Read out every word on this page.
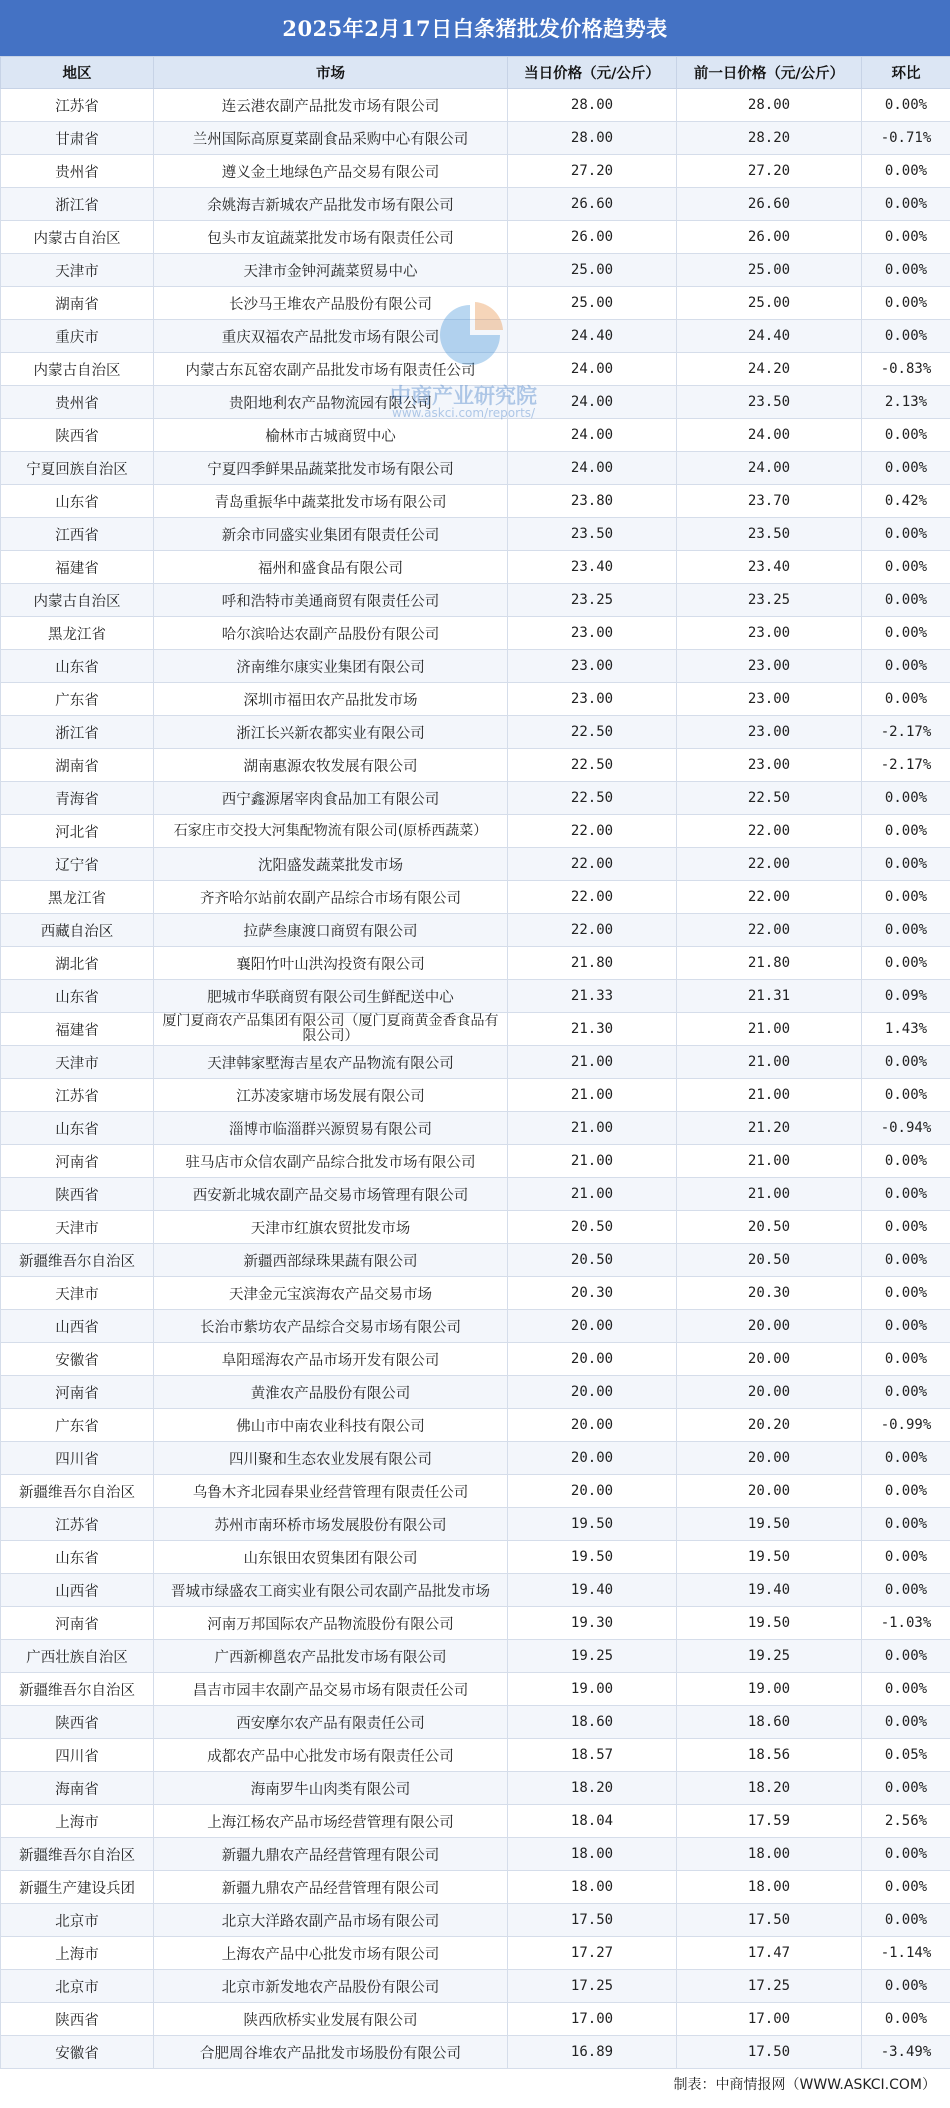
2025年2月17日白条猪批发价格趋势表
地区	市场	当日价格（元/公斤）	前一日价格（元/公斤）	环比
江苏省	连云港农副产品批发市场有限公司	28.00	28.00	0.00%
甘肃省	兰州国际高原夏菜副食品采购中心有限公司	28.00	28.20	-0.71%
贵州省	遵义金土地绿色产品交易有限公司	27.20	27.20	0.00%
浙江省	余姚海吉新城农产品批发市场有限公司	26.60	26.60	0.00%
内蒙古自治区	包头市友谊蔬菜批发市场有限责任公司	26.00	26.00	0.00%
天津市	天津市金钟河蔬菜贸易中心	25.00	25.00	0.00%
湖南省	长沙马王堆农产品股份有限公司	25.00	25.00	0.00%
重庆市	重庆双福农产品批发市场有限公司	24.40	24.40	0.00%
内蒙古自治区	内蒙古东瓦窑农副产品批发市场有限责任公司	24.00	24.20	-0.83%
贵州省	贵阳地利农产品物流园有限公司	24.00	23.50	2.13%
陕西省	榆林市古城商贸中心	24.00	24.00	0.00%
宁夏回族自治区	宁夏四季鲜果品蔬菜批发市场有限公司	24.00	24.00	0.00%
山东省	青岛重振华中蔬菜批发市场有限公司	23.80	23.70	0.42%
江西省	新余市同盛实业集团有限责任公司	23.50	23.50	0.00%
福建省	福州和盛食品有限公司	23.40	23.40	0.00%
内蒙古自治区	呼和浩特市美通商贸有限责任公司	23.25	23.25	0.00%
黑龙江省	哈尔滨哈达农副产品股份有限公司	23.00	23.00	0.00%
山东省	济南维尔康实业集团有限公司	23.00	23.00	0.00%
广东省	深圳市福田农产品批发市场	23.00	23.00	0.00%
浙江省	浙江长兴新农都实业有限公司	22.50	23.00	-2.17%
湖南省	湖南惠源农牧发展有限公司	22.50	23.00	-2.17%
青海省	西宁鑫源屠宰肉食品加工有限公司	22.50	22.50	0.00%
河北省	石家庄市交投大河集配物流有限公司(原桥西蔬菜）	22.00	22.00	0.00%
辽宁省	沈阳盛发蔬菜批发市场	22.00	22.00	0.00%
黑龙江省	齐齐哈尔站前农副产品综合市场有限公司	22.00	22.00	0.00%
西藏自治区	拉萨叁康渡口商贸有限公司	22.00	22.00	0.00%
湖北省	襄阳竹叶山洪沟投资有限公司	21.80	21.80	0.00%
山东省	肥城市华联商贸有限公司生鲜配送中心	21.33	21.31	0.09%
福建省	厦门夏商农产品集团有限公司（厦门夏商黄金香食品有限公司）	21.30	21.00	1.43%
天津市	天津韩家墅海吉星农产品物流有限公司	21.00	21.00	0.00%
江苏省	江苏凌家塘市场发展有限公司	21.00	21.00	0.00%
山东省	淄博市临淄群兴源贸易有限公司	21.00	21.20	-0.94%
河南省	驻马店市众信农副产品综合批发市场有限公司	21.00	21.00	0.00%
陕西省	西安新北城农副产品交易市场管理有限公司	21.00	21.00	0.00%
天津市	天津市红旗农贸批发市场	20.50	20.50	0.00%
新疆维吾尔自治区	新疆西部绿珠果蔬有限公司	20.50	20.50	0.00%
天津市	天津金元宝滨海农产品交易市场	20.30	20.30	0.00%
山西省	长治市紫坊农产品综合交易市场有限公司	20.00	20.00	0.00%
安徽省	阜阳瑶海农产品市场开发有限公司	20.00	20.00	0.00%
河南省	黄淮农产品股份有限公司	20.00	20.00	0.00%
广东省	佛山市中南农业科技有限公司	20.00	20.20	-0.99%
四川省	四川聚和生态农业发展有限公司	20.00	20.00	0.00%
新疆维吾尔自治区	乌鲁木齐北园春果业经营管理有限责任公司	20.00	20.00	0.00%
江苏省	苏州市南环桥市场发展股份有限公司	19.50	19.50	0.00%
山东省	山东银田农贸集团有限公司	19.50	19.50	0.00%
山西省	晋城市绿盛农工商实业有限公司农副产品批发市场	19.40	19.40	0.00%
河南省	河南万邦国际农产品物流股份有限公司	19.30	19.50	-1.03%
广西壮族自治区	广西新柳邕农产品批发市场有限公司	19.25	19.25	0.00%
新疆维吾尔自治区	昌吉市园丰农副产品交易市场有限责任公司	19.00	19.00	0.00%
陕西省	西安摩尔农产品有限责任公司	18.60	18.60	0.00%
四川省	成都农产品中心批发市场有限责任公司	18.57	18.56	0.05%
海南省	海南罗牛山肉类有限公司	18.20	18.20	0.00%
上海市	上海江杨农产品市场经营管理有限公司	18.04	17.59	2.56%
新疆维吾尔自治区	新疆九鼎农产品经营管理有限公司	18.00	18.00	0.00%
新疆生产建设兵团	新疆九鼎农产品经营管理有限公司	18.00	18.00	0.00%
北京市	北京大洋路农副产品市场有限公司	17.50	17.50	0.00%
上海市	上海农产品中心批发市场有限公司	17.27	17.47	-1.14%
北京市	北京市新发地农产品股份有限公司	17.25	17.25	0.00%
陕西省	陕西欣桥实业发展有限公司	17.00	17.00	0.00%
安徽省	合肥周谷堆农产品批发市场股份有限公司	16.89	17.50	-3.49%
制表：中商情报网（WWW.ASKCI.COM）
中商产业研究院
www.askci.com/reports/
